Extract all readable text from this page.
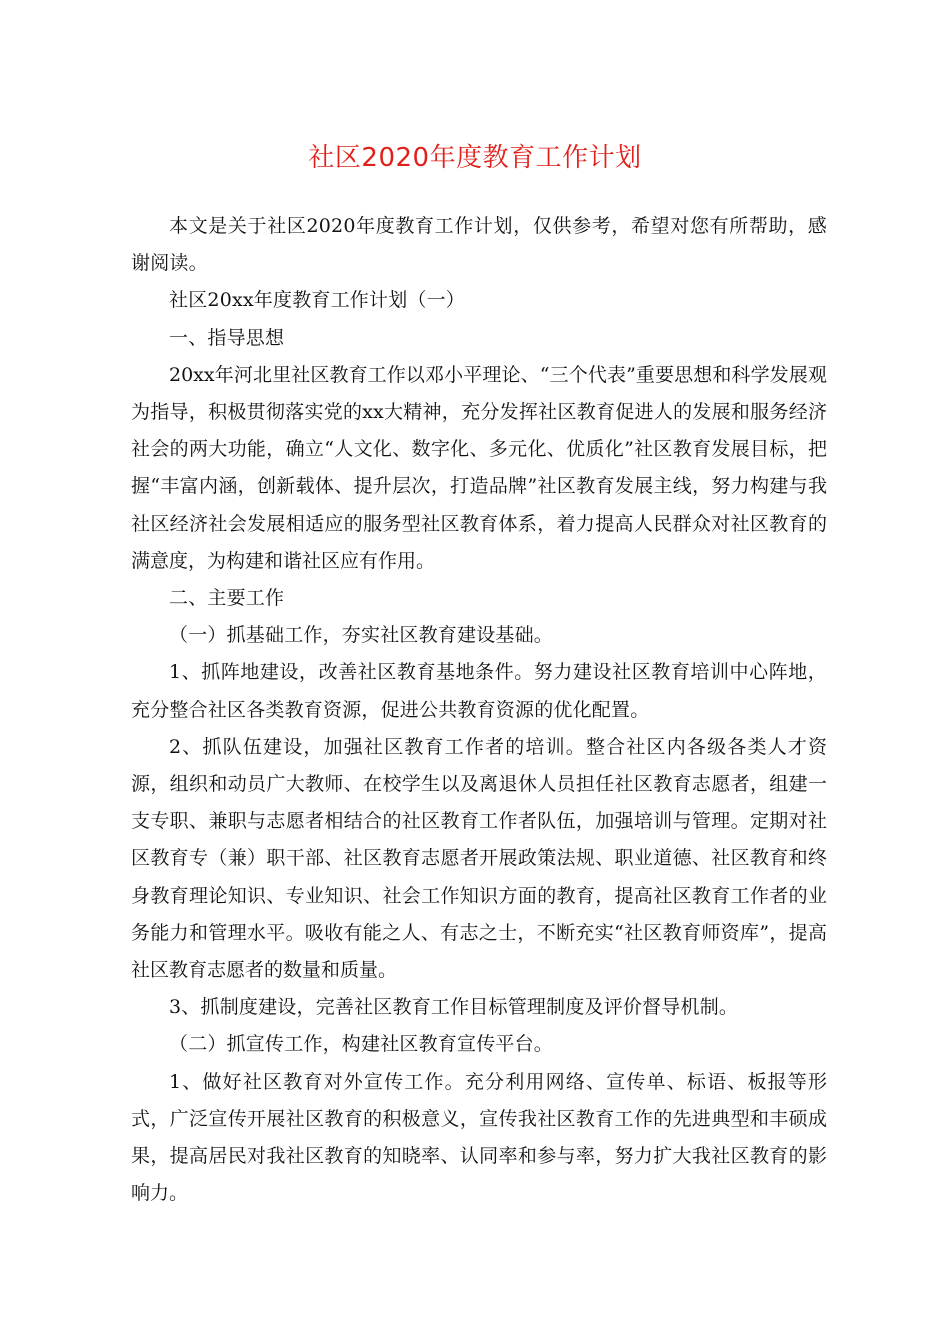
社区2020年度教育工作计划

本文是关于社区2020年度教育工作计划，仅供参考，希望对您有所帮助，感谢阅读。

社区20xx年度教育工作计划（一）

一、指导思想

20xx年河北里社区教育工作以邓小平理论、“三个代表”重要思想和科学发展观为指导，积极贯彻落实党的xx大精神，充分发挥社区教育促进人的发展和服务经济社会的两大功能，确立“人文化、数字化、多元化、优质化”社区教育发展目标，把握“丰富内涵，创新载体、提升层次，打造品牌”社区教育发展主线，努力构建与我社区经济社会发展相适应的服务型社区教育体系，着力提高人民群众对社区教育的满意度，为构建和谐社区应有作用。

二、主要工作

（一）抓基础工作，夯实社区教育建设基础。

1、抓阵地建设，改善社区教育基地条件。努力建设社区教育培训中心阵地，充分整合社区各类教育资源，促进公共教育资源的优化配置。

2、抓队伍建设，加强社区教育工作者的培训。整合社区内各级各类人才资源，组织和动员广大教师、在校学生以及离退休人员担任社区教育志愿者，组建一支专职、兼职与志愿者相结合的社区教育工作者队伍，加强培训与管理。定期对社区教育专（兼）职干部、社区教育志愿者开展政策法规、职业道德、社区教育和终身教育理论知识、专业知识、社会工作知识方面的教育，提高社区教育工作者的业务能力和管理水平。吸收有能之人、有志之士，不断充实“社区教育师资库”，提高社区教育志愿者的数量和质量。

3、抓制度建设，完善社区教育工作目标管理制度及评价督导机制。

（二）抓宣传工作，构建社区教育宣传平台。

1、做好社区教育对外宣传工作。充分利用网络、宣传单、标语、板报等形式，广泛宣传开展社区教育的积极意义，宣传我社区教育工作的先进典型和丰硕成果，提高居民对我社区教育的知晓率、认同率和参与率，努力扩大我社区教育的影响力。
